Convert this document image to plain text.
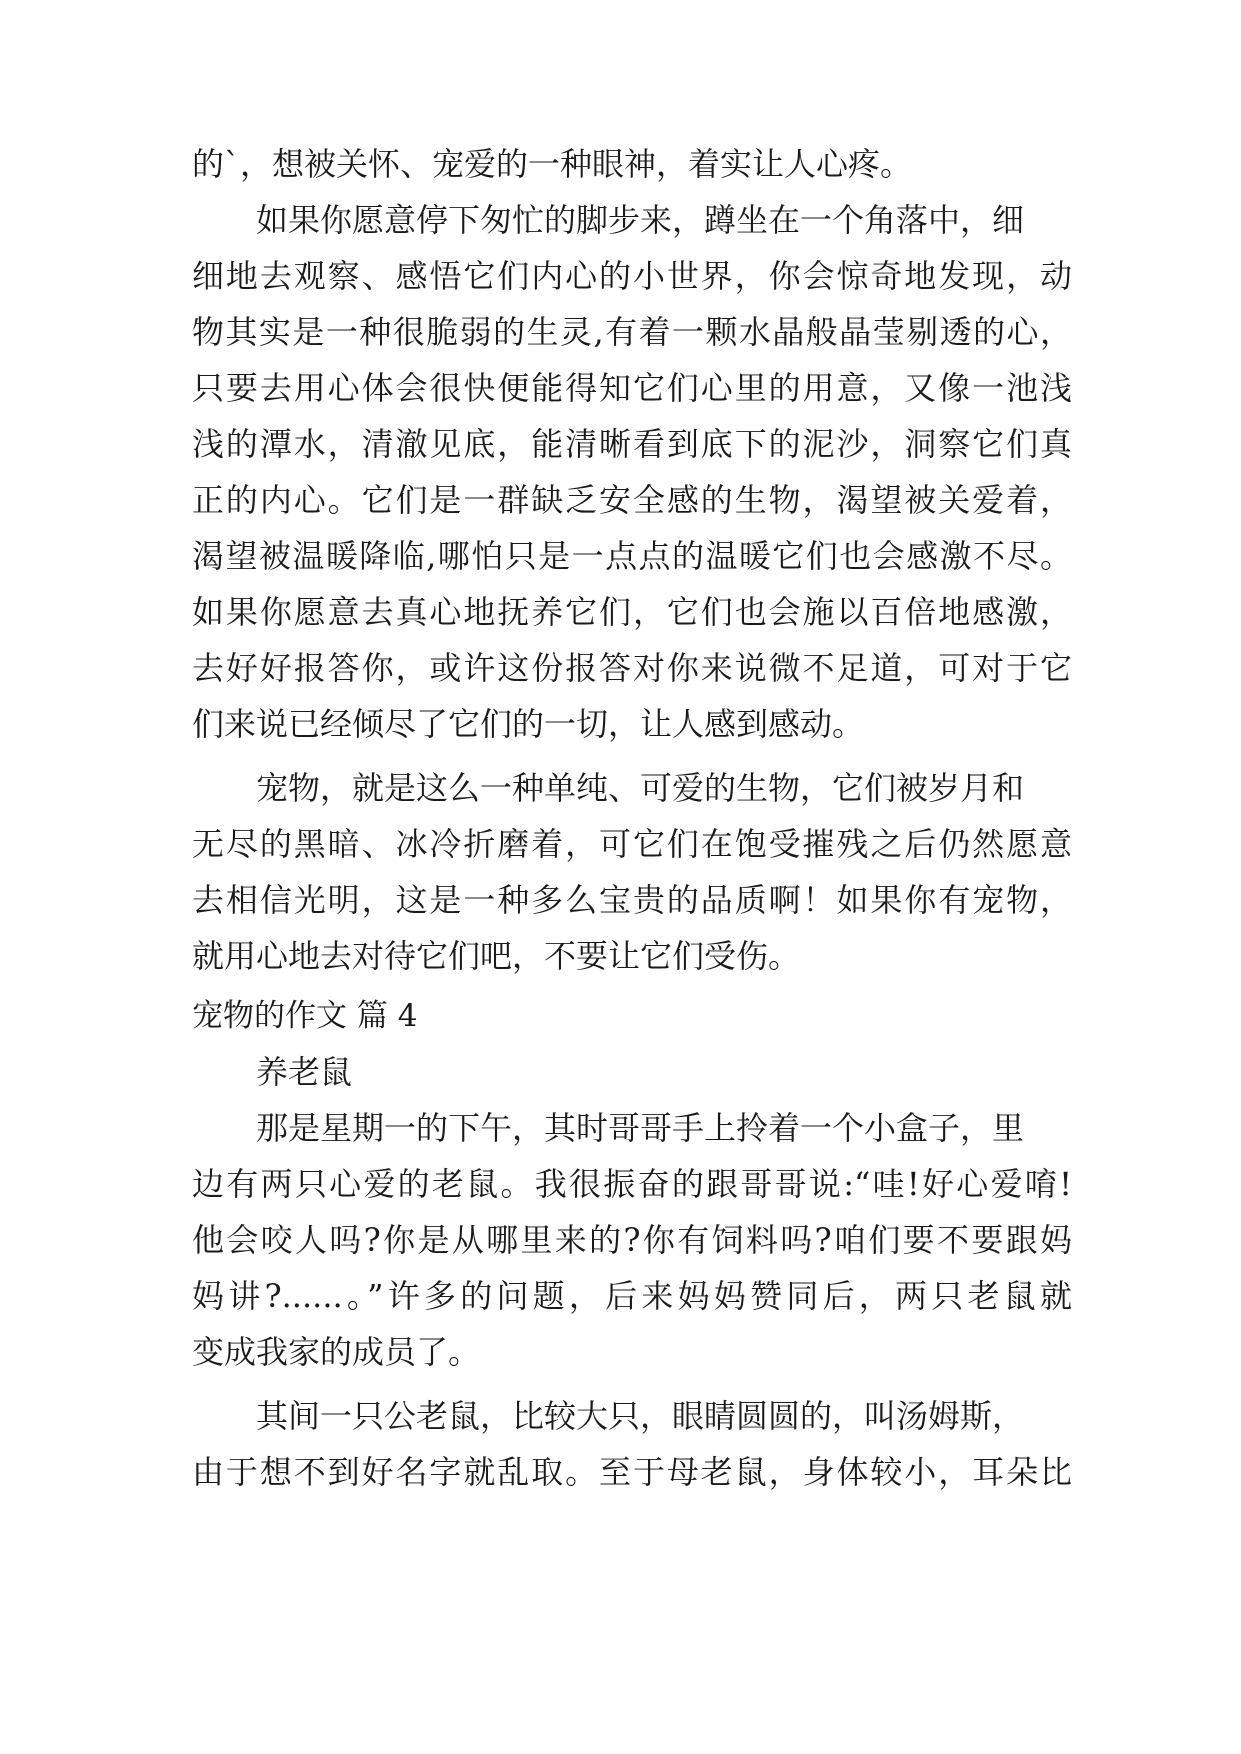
的`，想被关怀、宠爱的一种眼神，着实让人心疼。
如果你愿意停下匆忙的脚步来，蹲坐在一个角落中，细
细地去观察、感悟它们内心的小世界，你会惊奇地发现，动
物其实是一种很脆弱的生灵,有着一颗水晶般晶莹剔透的心，
只要去用心体会很快便能得知它们心里的用意，又像一池浅
浅的潭水，清澈见底，能清晰看到底下的泥沙，洞察它们真
正的内心。它们是一群缺乏安全感的生物，渴望被关爱着，
渴望被温暖降临,哪怕只是一点点的温暖它们也会感激不尽。
如果你愿意去真心地抚养它们，它们也会施以百倍地感激，
去好好报答你，或许这份报答对你来说微不足道，可对于它
们来说已经倾尽了它们的一切，让人感到感动。
宠物，就是这么一种单纯、可爱的生物，它们被岁月和
无尽的黑暗、冰冷折磨着，可它们在饱受摧残之后仍然愿意
去相信光明，这是一种多么宝贵的品质啊！如果你有宠物，
就用心地去对待它们吧，不要让它们受伤。
宠物的作文 篇 4
养老鼠
那是星期一的下午，其时哥哥手上拎着一个小盒子，里
边有两只心爱的老鼠。我很振奋的跟哥哥说:“哇!好心爱唷!
他会咬人吗?你是从哪里来的?你有饲料吗?咱们要不要跟妈
妈讲?......。”许多的问题，后来妈妈赞同后，两只老鼠就
变成我家的成员了。
其间一只公老鼠，比较大只，眼睛圆圆的，叫汤姆斯，
由于想不到好名字就乱取。至于母老鼠，身体较小，耳朵比
